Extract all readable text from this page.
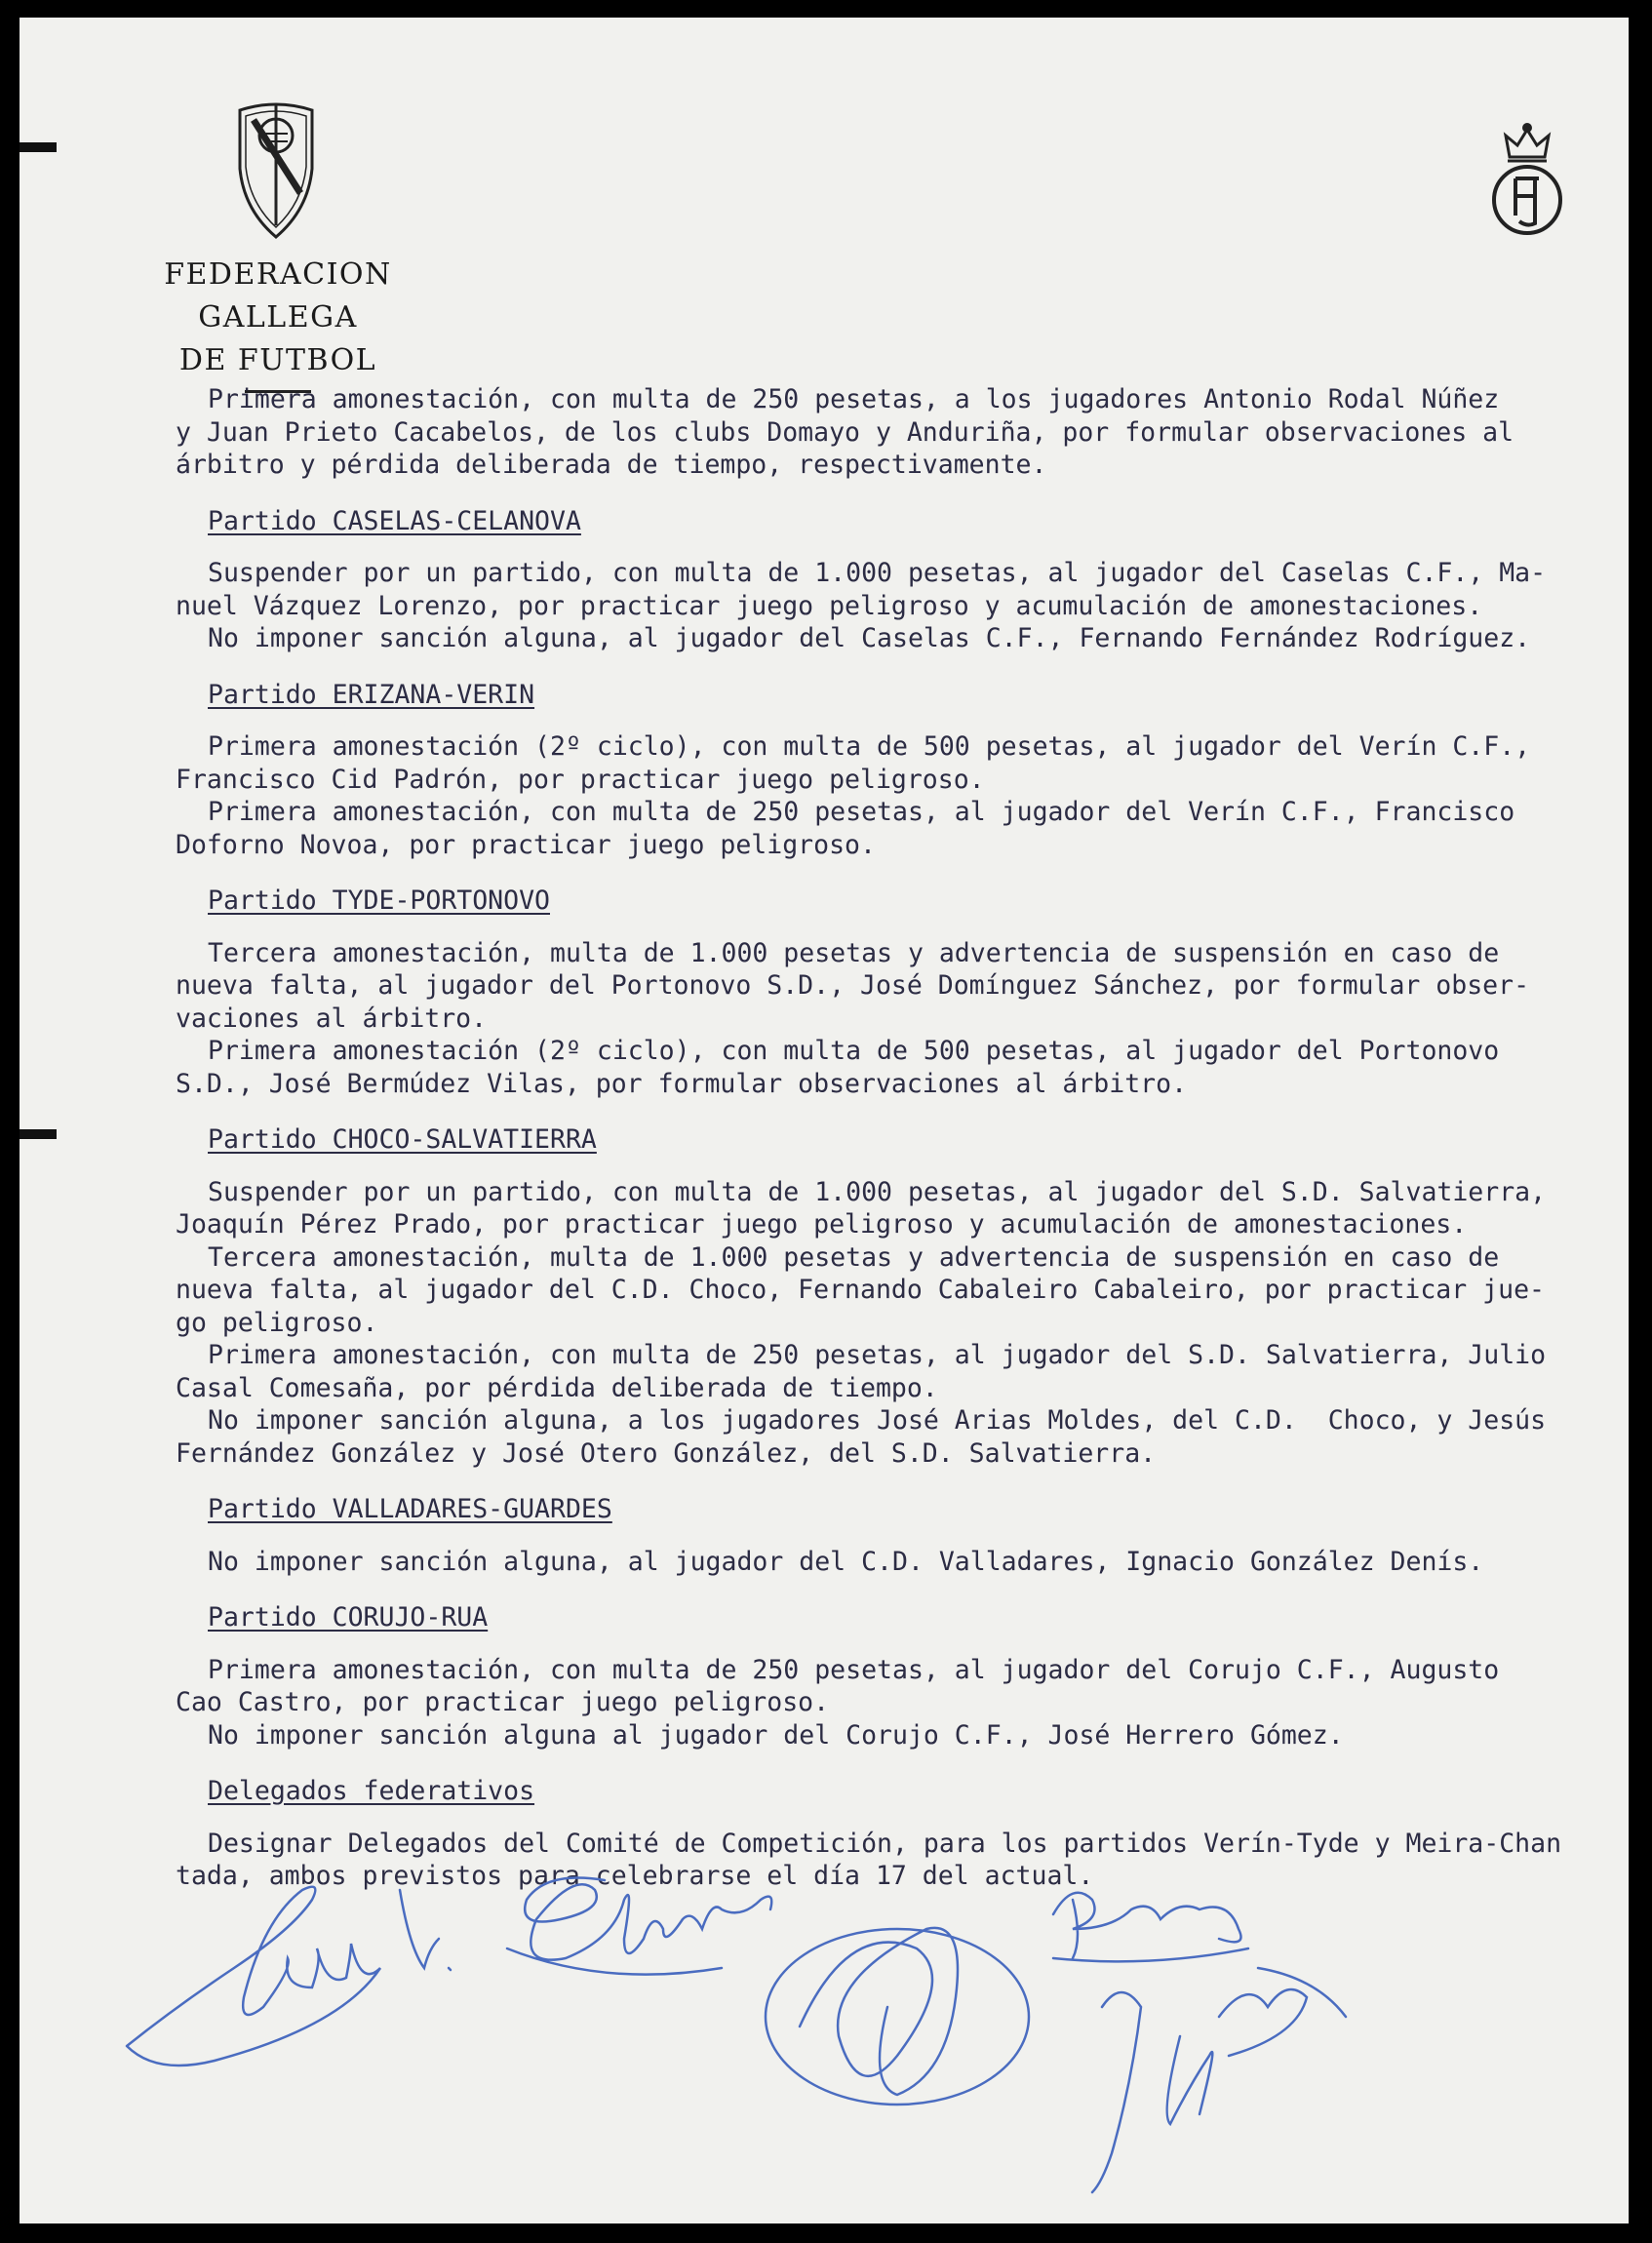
FEDERACION GALLEGA
DE FUTBOL
Primera amonestación, con multa de 250 pesetas, a los jugadores Antonio Rodal Núñez
y Juan Prieto Cacabelos, de los clubs Domayo y Anduriña, por formular observaciones al
árbitro y pérdida deliberada de tiempo, respectivamente.
Partido CASELAS-CELANOVA
Suspender por un partido, con multa de 1.000 pesetas, al jugador del Caselas C.F., Ma-
nuel Vázquez Lorenzo, por practicar juego peligroso y acumulación de amonestaciones.
No imponer sanción alguna, al jugador del Caselas C.F., Fernando Fernández Rodríguez.
Partido ERIZANA-VERIN
Primera amonestación (2º ciclo), con multa de 500 pesetas, al jugador del Verín C.F.,
Francisco Cid Padrón, por practicar juego peligroso.
Primera amonestación, con multa de 250 pesetas, al jugador del Verín C.F., Francisco
Doforno Novoa, por practicar juego peligroso.
Partido TYDE-PORTONOVO
Tercera amonestación, multa de 1.000 pesetas y advertencia de suspensión en caso de
nueva falta, al jugador del Portonovo S.D., José Domínguez Sánchez, por formular obser-
vaciones al árbitro.
Primera amonestación (2º ciclo), con multa de 500 pesetas, al jugador del Portonovo
S.D., José Bermúdez Vilas, por formular observaciones al árbitro.
Partido CHOCO-SALVATIERRA
Suspender por un partido, con multa de 1.000 pesetas, al jugador del S.D. Salvatierra,
Joaquín Pérez Prado, por practicar juego peligroso y acumulación de amonestaciones.
Tercera amonestación, multa de 1.000 pesetas y advertencia de suspensión en caso de
nueva falta, al jugador del C.D. Choco, Fernando Cabaleiro Cabaleiro, por practicar jue-
go peligroso.
Primera amonestación, con multa de 250 pesetas, al jugador del S.D. Salvatierra, Julio
Casal Comesaña, por pérdida deliberada de tiempo.
No imponer sanción alguna, a los jugadores José Arias Moldes, del C.D.  Choco, y Jesús
Fernández González y José Otero González, del S.D. Salvatierra.
Partido VALLADARES-GUARDES
No imponer sanción alguna, al jugador del C.D. Valladares, Ignacio González Denís.
Partido CORUJO-RUA
Primera amonestación, con multa de 250 pesetas, al jugador del Corujo C.F., Augusto
Cao Castro, por practicar juego peligroso.
No imponer sanción alguna al jugador del Corujo C.F., José Herrero Gómez.
Delegados federativos
Designar Delegados del Comité de Competición, para los partidos Verín-Tyde y Meira-Chan
tada, ambos previstos para celebrarse el día 17 del actual.
